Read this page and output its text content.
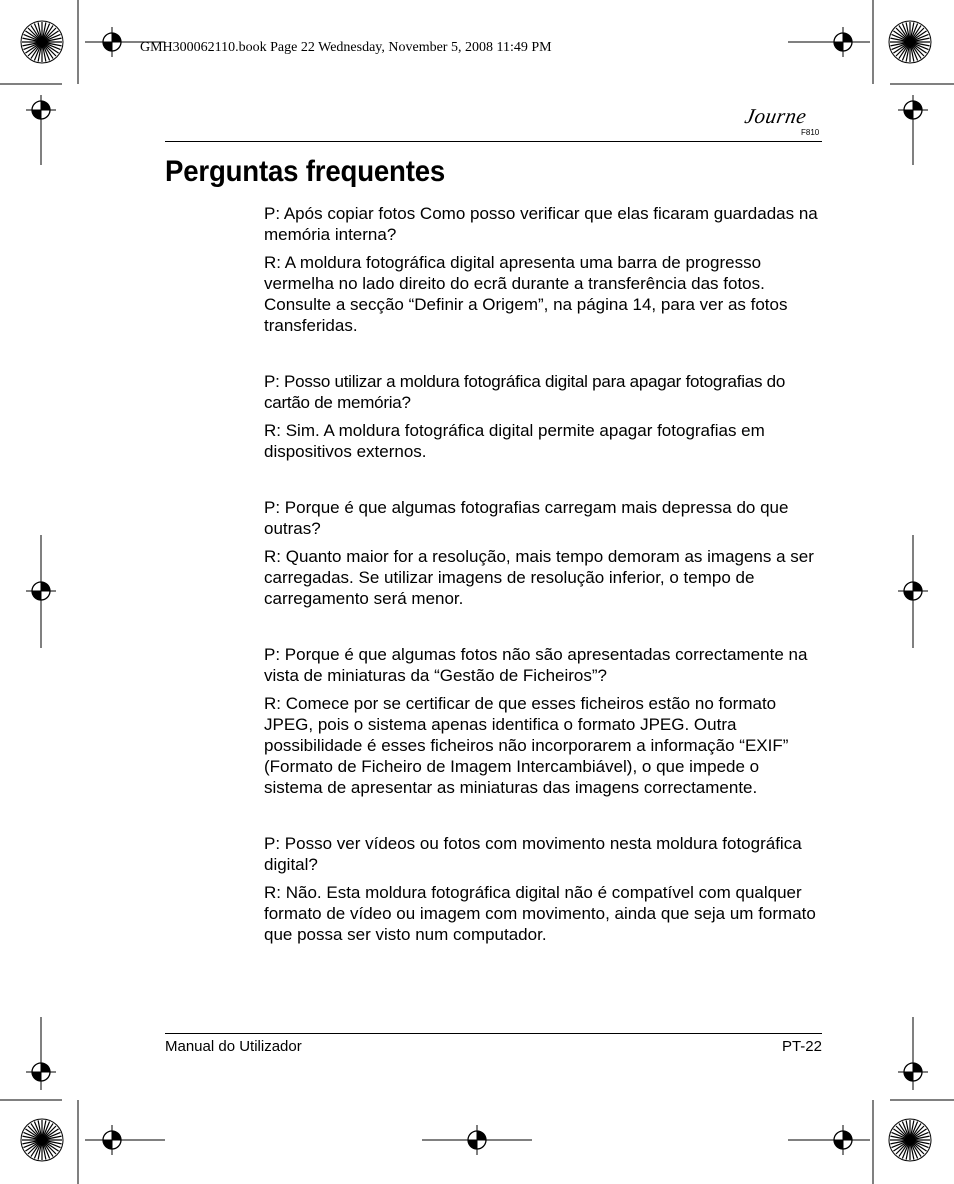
GMH300062110.book Page 22 Wednesday, November 5, 2008 11:49 PM
Journe
F810
Perguntas frequentes

P: Após copiar fotos Como posso verificar que elas ficaram guardadas na memória interna?

R: A moldura fotográfica digital apresenta uma barra de progresso vermelha no lado direito do ecrã durante a transferência das fotos. Consulte a secção “Definir a Origem”, na página 14, para ver as fotos transferidas.

P: Posso utilizar a moldura fotográfica digital para apagar fotografias do cartão de memória?

R: Sim. A moldura fotográfica digital permite apagar fotografias em dispositivos externos.

P: Porque é que algumas fotografias carregam mais depressa do que outras?

R: Quanto maior for a resolução, mais tempo demoram as imagens a ser carregadas. Se utilizar imagens de resolução inferior, o tempo de carregamento será menor.

P: Porque é que algumas fotos não são apresentadas correctamente na vista de miniaturas da “Gestão de Ficheiros”?

R: Comece por se certificar de que esses ficheiros estão no formato JPEG, pois o sistema apenas identifica o formato JPEG. Outra possibilidade é esses ficheiros não incorporarem a informação “EXIF” (Formato de Ficheiro de Imagem Intercambiável), o que impede o sistema de apresentar as miniaturas das imagens correctamente.

P: Posso ver vídeos ou fotos com movimento nesta moldura fotográfica digital?

R: Não. Esta moldura fotográfica digital não é compatível com qualquer formato de vídeo ou imagem com movimento, ainda que seja um formato que possa ser visto num computador.

Manual do Utilizador	PT-22
